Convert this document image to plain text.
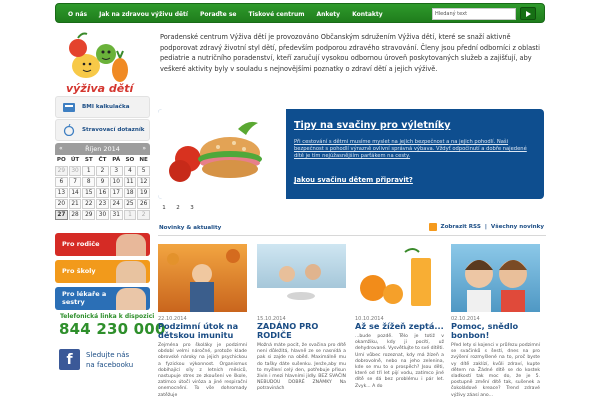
O nás	Jak na zdravou výživu dětí	Poraďte se	Tiskové centrum	Ankety	Kontakty	Hledaný text
výživa dětí
Poradenské centrum Výživa dětí je provozováno Občanským sdružením Výživa dětí, které se snaží aktivně podporovat zdravý životní styl dětí, především podporou zdravého stravování. Členy jsou přední odborníci z oblasti pediatrie a nutričního poradenství, kteří zaručují vysokou odbornou úroveň poskytovaných služeb a zajišťují, aby veškeré aktivity byly v souladu s nejnovějšími poznatky o zdraví dětí a jejich výživě.
BMI kalkulačka
Stravovací dotazník
«	Říjen 2014	»
PO ÚT	ST	ČT	PÁ SO NE
29	30	1	2	3	4	5
6	7	8	9	10	11	12
13	14	15	16	17	18	19
20	21	22	23	24	25	26
27	28	29	30	31	1	2
Pro rodiče
Pro školy
Pro lékaře a sestry
Telefonická linka k dispozici
844 230 000
f	Sledujte nás
na facebooku
Tipy na svačiny pro výletníky
Při cestování s dětmi musíme myslet na jejich bezpečnost a na jejich pohodlí. Naši bezpečnost s pohodlí výrazně ovlivní správná výbava. Vždyť odpočinutí a dobře najedené dítě je tím nejúžasnějším parťákem na cesty.
Jakou svačinu dětem připravit?
1	2	3
Novinky & aktuality	Zobrazit RSS | Všechny novinky
22.10.2014
Podzimní útok na dětskou imunitu
Zejména pro školáky je podzimní období velmi náročné, protože klade obrovské nároky na jejich psychickou a fyzickou výkonnost. Organismus dobíhající síly z letních měsíců, nastupuje stres ze zkoušení ve škole, zatímco útočí viróza a jiné respirační onemocnění. To vše dohromady zatěžuje
15.10.2014
ZADÁNO PRO RODIČE
Možná máte pocit, že svačina pro dítě není důležitá, hlavně ze se nasnídá a pak si zajde na oběd. Maximálně mu do tašky dáte sušenku. Jenže,aby mu to myšlení celý den, potřebuje přísun živin i mezi hlavními jídly. BEZ SVAČIN NEBUDOU DOBRÉ ZNÁMKY Na potravinách
10.10.2014
Až se žížeň zeptá...
...bude pozdě. Tělo je totiž v okamžiku, kdy ji pocítí, už dehydrované. Vysvětlujte to své dítěti. Umí vůbec rozeznat, kdy má žízeň a dobrovolně, nebo na jeho zelenina, kde se mu to o prospěch? Jsou děti, které od tří let pijí vodu, zatímco jiné dítě se dá bez problému i pár let. Zvyk... A do
02.10.2014
Pomoc, snědlo bonbon!
Před lety si kojenci v průřezu podzimní se svačinků s šestí, dnes na pro zvýšení rozmyšlené na to, proč byste vy dítě zaklízí, kvůli zdraví, kupte dětem na Žádné dítě se do kostek sladkostí tak moc do, že je 5. postupně změní dítě tak, sušenek a čokoládové kreace? Trend zdravé výživy záasí ano...
